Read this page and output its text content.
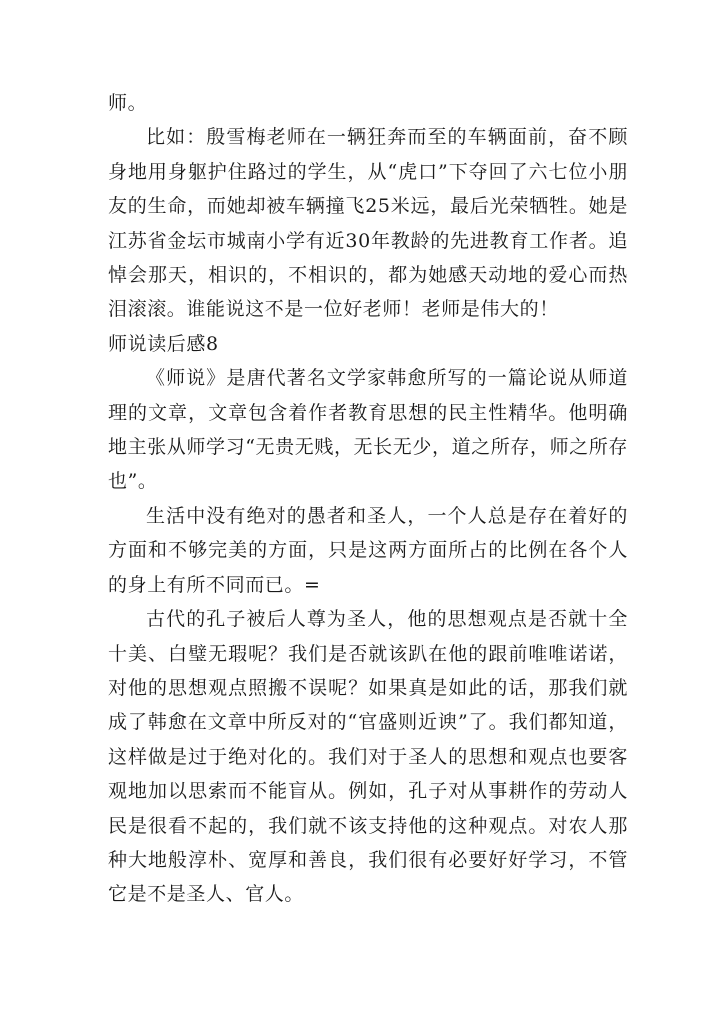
师。

比如：殷雪梅老师在一辆狂奔而至的车辆面前，奋不顾身地用身躯护住路过的学生，从“虎口”下夺回了六七位小朋友的生命，而她却被车辆撞飞25米远，最后光荣牺牲。她是江苏省金坛市城南小学有近30年教龄的先进教育工作者。追悼会那天，相识的，不相识的，都为她感天动地的爱心而热泪滚滚。谁能说这不是一位好老师！老师是伟大的！

师说读后感8

《师说》是唐代著名文学家韩愈所写的一篇论说从师道理的文章，文章包含着作者教育思想的民主性精华。他明确地主张从师学习“无贵无贱，无长无少，道之所存，师之所存也”。

生活中没有绝对的愚者和圣人，一个人总是存在着好的方面和不够完美的方面，只是这两方面所占的比例在各个人的身上有所不同而已。=

古代的孔子被后人尊为圣人，他的思想观点是否就十全十美、白璧无瑕呢？我们是否就该趴在他的跟前唯唯诺诺，对他的思想观点照搬不误呢？如果真是如此的话，那我们就成了韩愈在文章中所反对的“官盛则近谀”了。我们都知道，这样做是过于绝对化的。我们对于圣人的思想和观点也要客观地加以思索而不能盲从。例如，孔子对从事耕作的劳动人民是很看不起的，我们就不该支持他的这种观点。对农人那种大地般淳朴、宽厚和善良，我们很有必要好好学习，不管它是不是圣人、官人。
